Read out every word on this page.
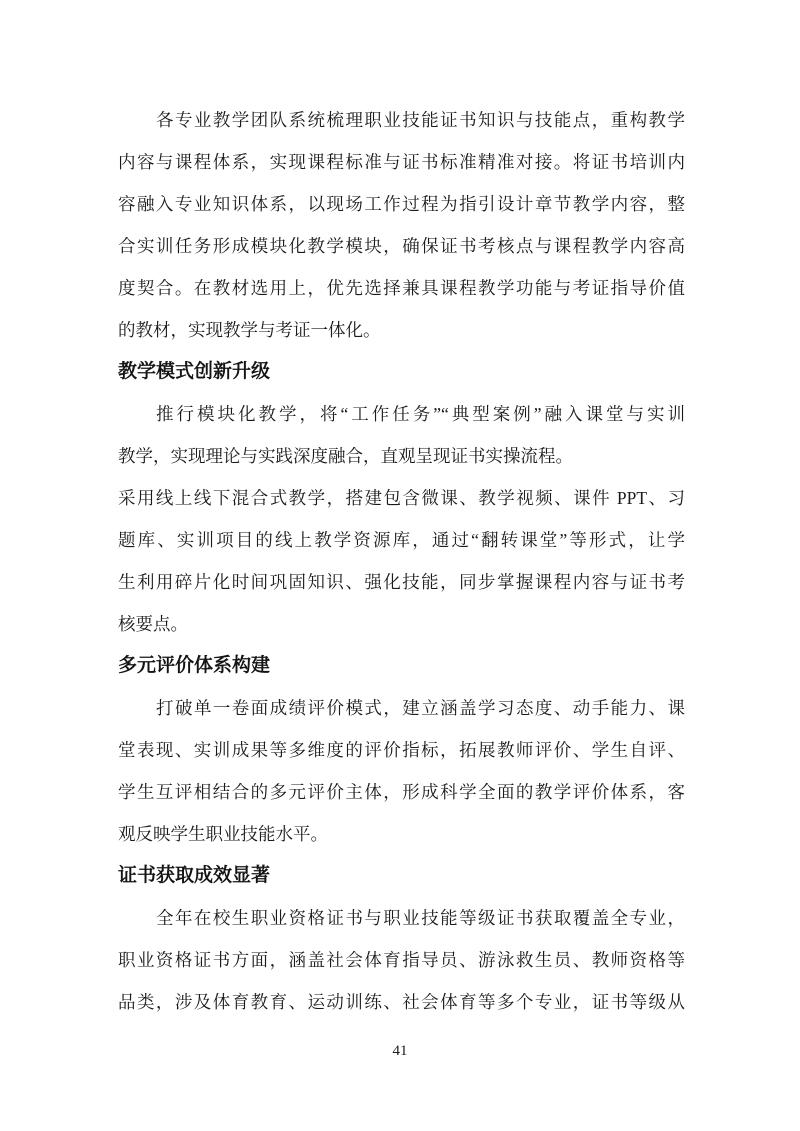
各专业教学团队系统梳理职业技能证书知识与技能点，重构教学
内容与课程体系，实现课程标准与证书标准精准对接。将证书培训内
容融入专业知识体系，以现场工作过程为指引设计章节教学内容，整
合实训任务形成模块化教学模块，确保证书考核点与课程教学内容高
度契合。在教材选用上，优先选择兼具课程教学功能与考证指导价值
的教材，实现教学与考证一体化。
教学模式创新升级
推行模块化教学，将“工作任务”“典型案例”融入课堂与实训
教学，实现理论与实践深度融合，直观呈现证书实操流程。
采用线上线下混合式教学，搭建包含微课、教学视频、课件 PPT、习
题库、实训项目的线上教学资源库，通过“翻转课堂”等形式，让学
生利用碎片化时间巩固知识、强化技能，同步掌握课程内容与证书考
核要点。
多元评价体系构建
打破单一卷面成绩评价模式，建立涵盖学习态度、动手能力、课
堂表现、实训成果等多维度的评价指标，拓展教师评价、学生自评、
学生互评相结合的多元评价主体，形成科学全面的教学评价体系，客
观反映学生职业技能水平。
证书获取成效显著
全年在校生职业资格证书与职业技能等级证书获取覆盖全专业，
职业资格证书方面，涵盖社会体育指导员、游泳救生员、教师资格等
品类，涉及体育教育、运动训练、社会体育等多个专业，证书等级从
41
